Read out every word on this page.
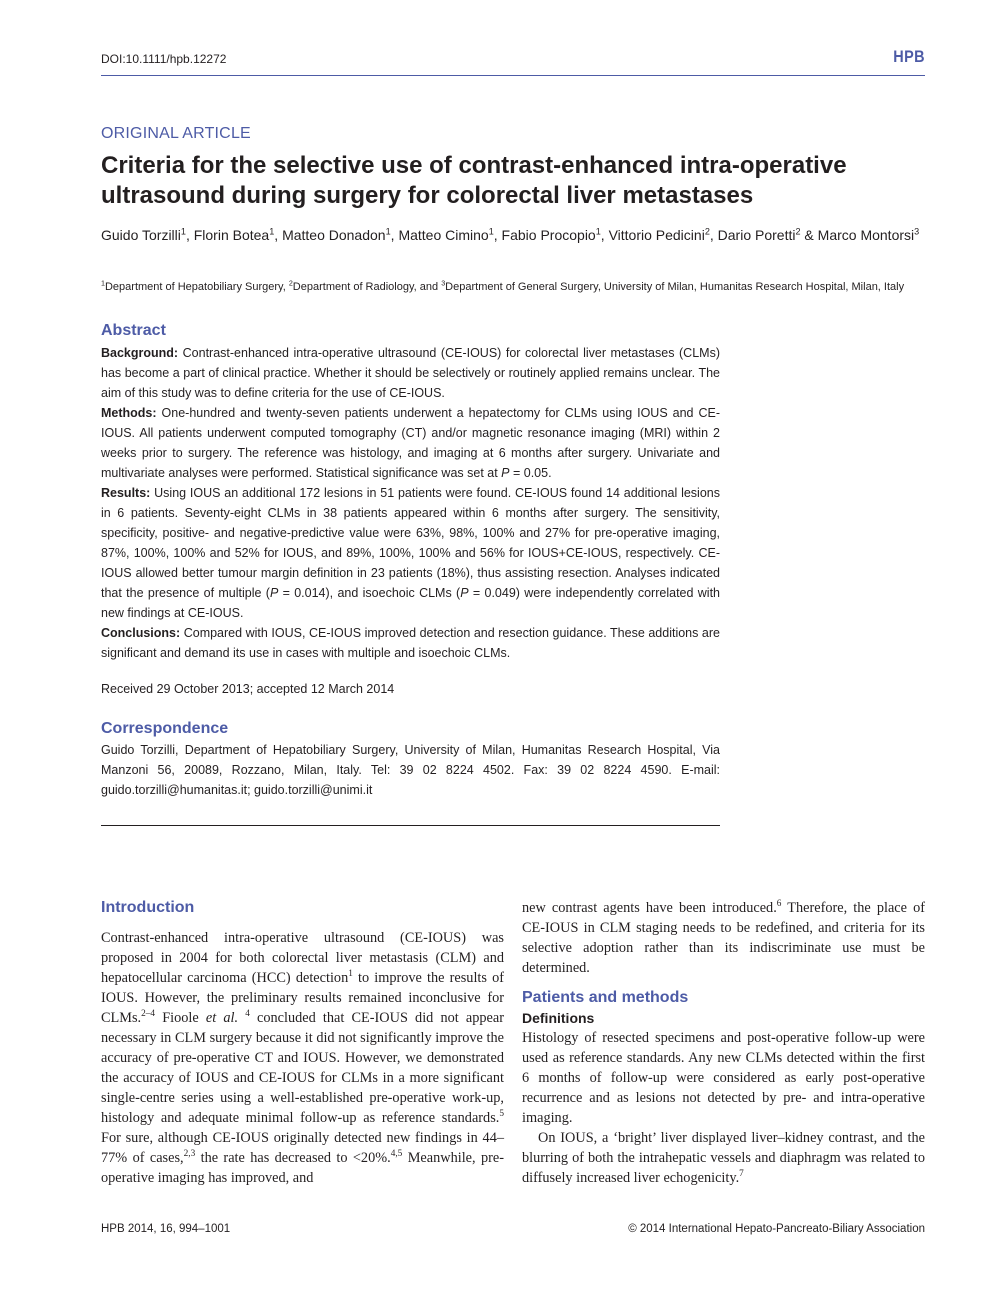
DOI:10.1111/hpb.12272	HPB
ORIGINAL ARTICLE
Criteria for the selective use of contrast-enhanced intra-operative ultrasound during surgery for colorectal liver metastases
Guido Torzilli$^1$, Florin Botea$^1$, Matteo Donadon$^1$, Matteo Cimino$^1$, Fabio Procopio$^1$, Vittorio Pedicini$^2$, Dario Poretti$^2$ & Marco Montorsi$^3$
$^1$Department of Hepatobiliary Surgery, $^2$Department of Radiology, and $^3$Department of General Surgery, University of Milan, Humanitas Research Hospital, Milan, Italy
Abstract

Background: Contrast-enhanced intra-operative ultrasound (CE-IOUS) for colorectal liver metastases (CLMs) has become a part of clinical practice. Whether it should be selectively or routinely applied remains unclear. The aim of this study was to define criteria for the use of CE-IOUS.

Methods: One-hundred and twenty-seven patients underwent a hepatectomy for CLMs using IOUS and CE-IOUS. All patients underwent computed tomography (CT) and/or magnetic resonance imaging (MRI) within 2 weeks prior to surgery. The reference was histology, and imaging at 6 months after surgery. Univariate and multivariate analyses were performed. Statistical significance was set at P = 0.05.

Results: Using IOUS an additional 172 lesions in 51 patients were found. CE-IOUS found 14 additional lesions in 6 patients. Seventy-eight CLMs in 38 patients appeared within 6 months after surgery. The sensitivity, specificity, positive- and negative-predictive value were 63%, 98%, 100% and 27% for pre-operative imaging, 87%, 100%, 100% and 52% for IOUS, and 89%, 100%, 100% and 56% for IOUS+CE-IOUS, respectively. CE-IOUS allowed better tumour margin definition in 23 patients (18%), thus assisting resection. Analyses indicated that the presence of multiple (P = 0.014), and isoechoic CLMs (P = 0.049) were independently correlated with new findings at CE-IOUS.

Conclusions: Compared with IOUS, CE-IOUS improved detection and resection guidance. These additions are significant and demand its use in cases with multiple and isoechoic CLMs.

Received 29 October 2013; accepted 12 March 2014
Correspondence
Guido Torzilli, Department of Hepatobiliary Surgery, University of Milan, Humanitas Research Hospital, Via Manzoni 56, 20089, Rozzano, Milan, Italy. Tel: 39 02 8224 4502. Fax: 39 02 8224 4590. E-mail: guido.torzilli@humanitas.it; guido.torzilli@unimi.it
Introduction

Contrast-enhanced intra-operative ultrasound (CE-IOUS) was proposed in 2004 for both colorectal liver metastasis (CLM) and hepatocellular carcinoma (HCC) detection$^1$ to improve the results of IOUS. However, the preliminary results remained inconclusive for CLMs.$^{2-4}$ Fioole et al. $^4$ concluded that CE-IOUS did not appear necessary in CLM surgery because it did not significantly improve the accuracy of pre-operative CT and IOUS. However, we demonstrated the accuracy of IOUS and CE-IOUS for CLMs in a more significant single-centre series using a well-established pre-operative work-up, histology and adequate minimal follow-up as reference standards.$^5$ For sure, although CE-IOUS originally detected new findings in 44–77% of cases,$^{2,3}$ the rate has decreased to <20%.$^{4,5}$ Meanwhile, pre-operative imaging has improved, and

new contrast agents have been introduced.$^6$ Therefore, the place of CE-IOUS in CLM staging needs to be redefined, and criteria for its selective adoption rather than its indiscriminate use must be determined.

Patients and methods
Definitions

Histology of resected specimens and post-operative follow-up were used as reference standards. Any new CLMs detected within the first 6 months of follow-up were considered as early post-operative recurrence and as lesions not detected by pre- and intra-operative imaging.

On IOUS, a ‘bright’ liver displayed liver–kidney contrast, and the blurring of both the intrahepatic vessels and diaphragm was related to diffusely increased liver echogenicity.$^7$

HPB 2014, 16, 994–1001	© 2014 International Hepato-Pancreato-Biliary Association
